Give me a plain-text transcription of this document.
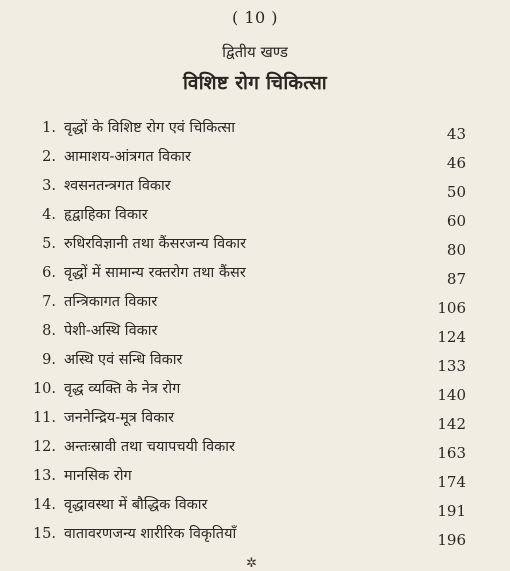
( 10 )
द्वितीय खण्ड
विशिष्ट रोग चिकित्सा
1. वृद्धों के विशिष्ट रोग एवं चिकित्सा	43
2. आमाशय-आंत्रगत विकार	46
3. श्वसनतन्त्रगत विकार	50
4. हृद्वाहिका विकार	60
5. रुधिरविज्ञानी तथा कैंसरजन्य विकार	80
6. वृद्धों में सामान्य रक्तरोग तथा कैंसर	87
7. तन्त्रिकागत विकार	106
8. पेशी-अस्थि विकार	124
9. अस्थि एवं सन्धि विकार	133
10. वृद्ध व्यक्ति के नेत्र रोग	140
11. जननेन्द्रिय-मूत्र विकार	142
12. अन्तःस्रावी तथा चयापचयी विकार	163
13. मानसिक रोग	174
14. वृद्धावस्था में बौद्धिक विकार	191
15. वातावरणजन्य शारीरिक विकृतियाँ	196
✲
